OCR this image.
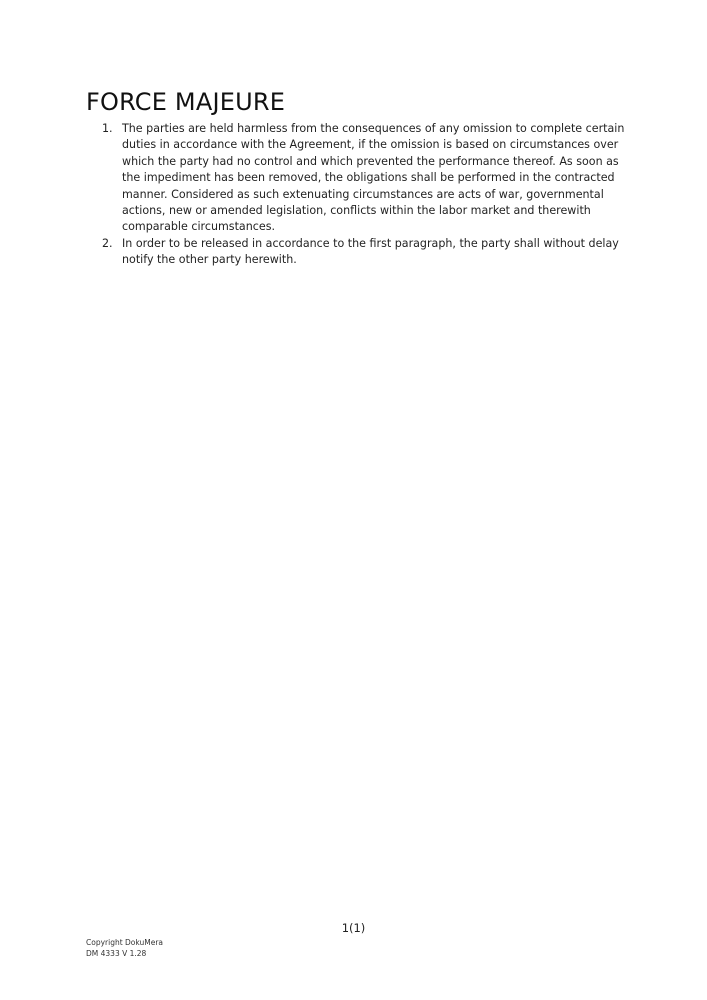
FORCE MAJEURE
1. The parties are held harmless from the consequences of any omission to complete certain duties in accordance with the Agreement, if the omission is based on circumstances over which the party had no control and which prevented the performance thereof. As soon as the impediment has been removed, the obligations shall be performed in the contracted manner. Considered as such extenuating circumstances are acts of war, governmental actions, new or amended legislation, conflicts within the labor market and therewith comparable circumstances.
2. In order to be released in accordance to the first paragraph, the party shall without delay notify the other party herewith.
1(1)
Copyright DokuMera
DM 4333 V 1.28
